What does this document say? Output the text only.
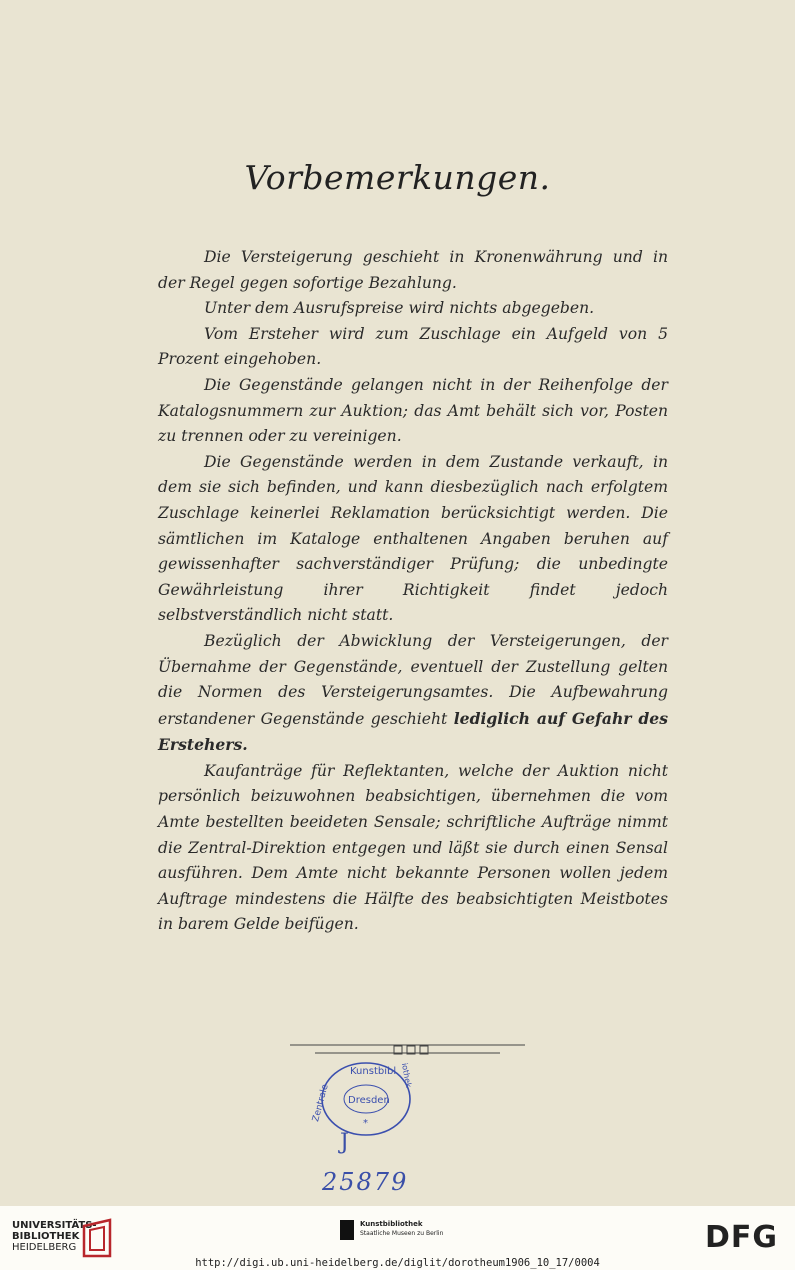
Vorbemerkungen.

Die Versteigerung geschieht in Kronenwährung und in der Regel gegen sofortige Bezahlung.

Unter dem Ausrufspreise wird nichts abgegeben.

Vom Ersteher wird zum Zuschlage ein Aufgeld von 5 Prozent eingehoben.

Die Gegenstände gelangen nicht in der Reihenfolge der Katalogsnummern zur Auktion; das Amt behält sich vor, Posten zu trennen oder zu vereinigen.

Die Gegenstände werden in dem Zustande verkauft, in dem sie sich befinden, und kann diesbezüglich nach erfolgtem Zuschlage keinerlei Reklamation berücksichtigt werden. Die sämtlichen im Kataloge enthaltenen Angaben beruhen auf gewissenhafter sachverständiger Prüfung; die unbedingte Gewährleistung ihrer Richtigkeit findet jedoch selbstverständlich nicht statt.

Bezüglich der Abwicklung der Versteigerungen, der Übernahme der Gegenstände, eventuell der Zustellung gelten die Normen des Versteigerungsamtes. Die Aufbewahrung erstandener Gegenstände geschieht lediglich auf Gefahr des Erstehers.

Kaufanträge für Reflektanten, welche der Auktion nicht persönlich beizuwohnen beabsichtigen, übernehmen die vom Amte bestellten beeideten Sensale; schriftliche Aufträge nimmt die Zentral-Direktion entgegen und läßt sie durch einen Sensal ausführen. Dem Amte nicht bekannte Personen wollen jedem Auftrage mindestens die Hälfte des beabsichtigten Meistbotes in barem Gelde beifügen.

Kunstbibl
Zentrale
iothek
Dresden
*
J
25879
UNIVERSITÄTS-
BIBLIOTHEK
HEIDELBERG
Kunstbibliothek
Staatliche Museen zu Berlin	DFG
http://digi.ub.uni-heidelberg.de/diglit/dorotheum1906_10_17/0004
